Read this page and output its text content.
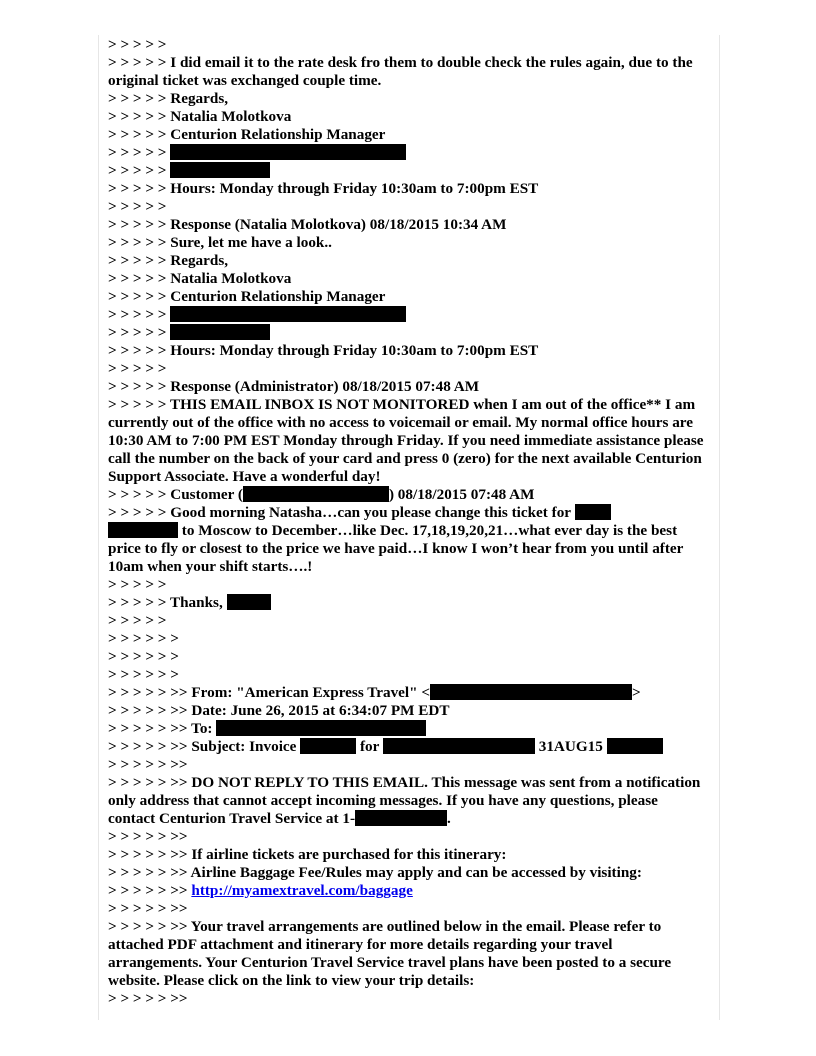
> > > > >
> > > > > I did email it to the rate desk fro them to double check the rules again, due to the original ticket was exchanged couple time.
> > > > > Regards,
> > > > > Natalia Molotkova
> > > > > Centurion Relationship Manager
> > > > >
> > > > >
> > > > > Hours: Monday through Friday 10:30am to 7:00pm EST
> > > > >
> > > > > Response (Natalia Molotkova) 08/18/2015 10:34 AM
> > > > > Sure, let me have a look..
> > > > > Regards,
> > > > > Natalia Molotkova
> > > > > Centurion Relationship Manager
> > > > >
> > > > >
> > > > > Hours: Monday through Friday 10:30am to 7:00pm EST
> > > > >
> > > > > Response (Administrator) 08/18/2015 07:48 AM
> > > > > THIS EMAIL INBOX IS NOT MONITORED when I am out of the office** I am currently out of the office with no access to voicemail or email. My normal office hours are 10:30 AM to 7:00 PM EST Monday through Friday. If you need immediate assistance please call the number on the back of your card and press 0 (zero) for the next available Centurion Support Associate. Have a wonderful day!
> > > > > Customer (	) 08/18/2015 07:48 AM
> > > > > Good morning Natasha…can you please change this ticket for
to Moscow to December…like Dec. 17,18,19,20,21…what ever day is the best price to fly or closest to the price we have paid…I know I won’t hear from you until after 10am when your shift starts….!
> > > > >
> > > > > Thanks,
> > > > >
> > > > > >
> > > > > >
> > > > > >
> > > > > >> From: "American Express Travel" <	>
> > > > > >> Date: June 26, 2015 at 6:34:07 PM EDT
> > > > > >> To:
> > > > > >> Subject: Invoice	for	31AUG15
> > > > > >>
> > > > > >> DO NOT REPLY TO THIS EMAIL. This message was sent from a notification only address that cannot accept incoming messages. If you have any questions, please contact Centurion Travel Service at 1-	.
> > > > > >>
> > > > > >> If airline tickets are purchased for this itinerary:
> > > > > >> Airline Baggage Fee/Rules may apply and can be accessed by visiting:
> > > > > >> http://myamextravel.com/baggage
> > > > > >>
> > > > > >> Your travel arrangements are outlined below in the email. Please refer to attached PDF attachment and itinerary for more details regarding your travel arrangements. Your Centurion Travel Service travel plans have been posted to a secure website. Please click on the link to view your trip details:
> > > > > >>
